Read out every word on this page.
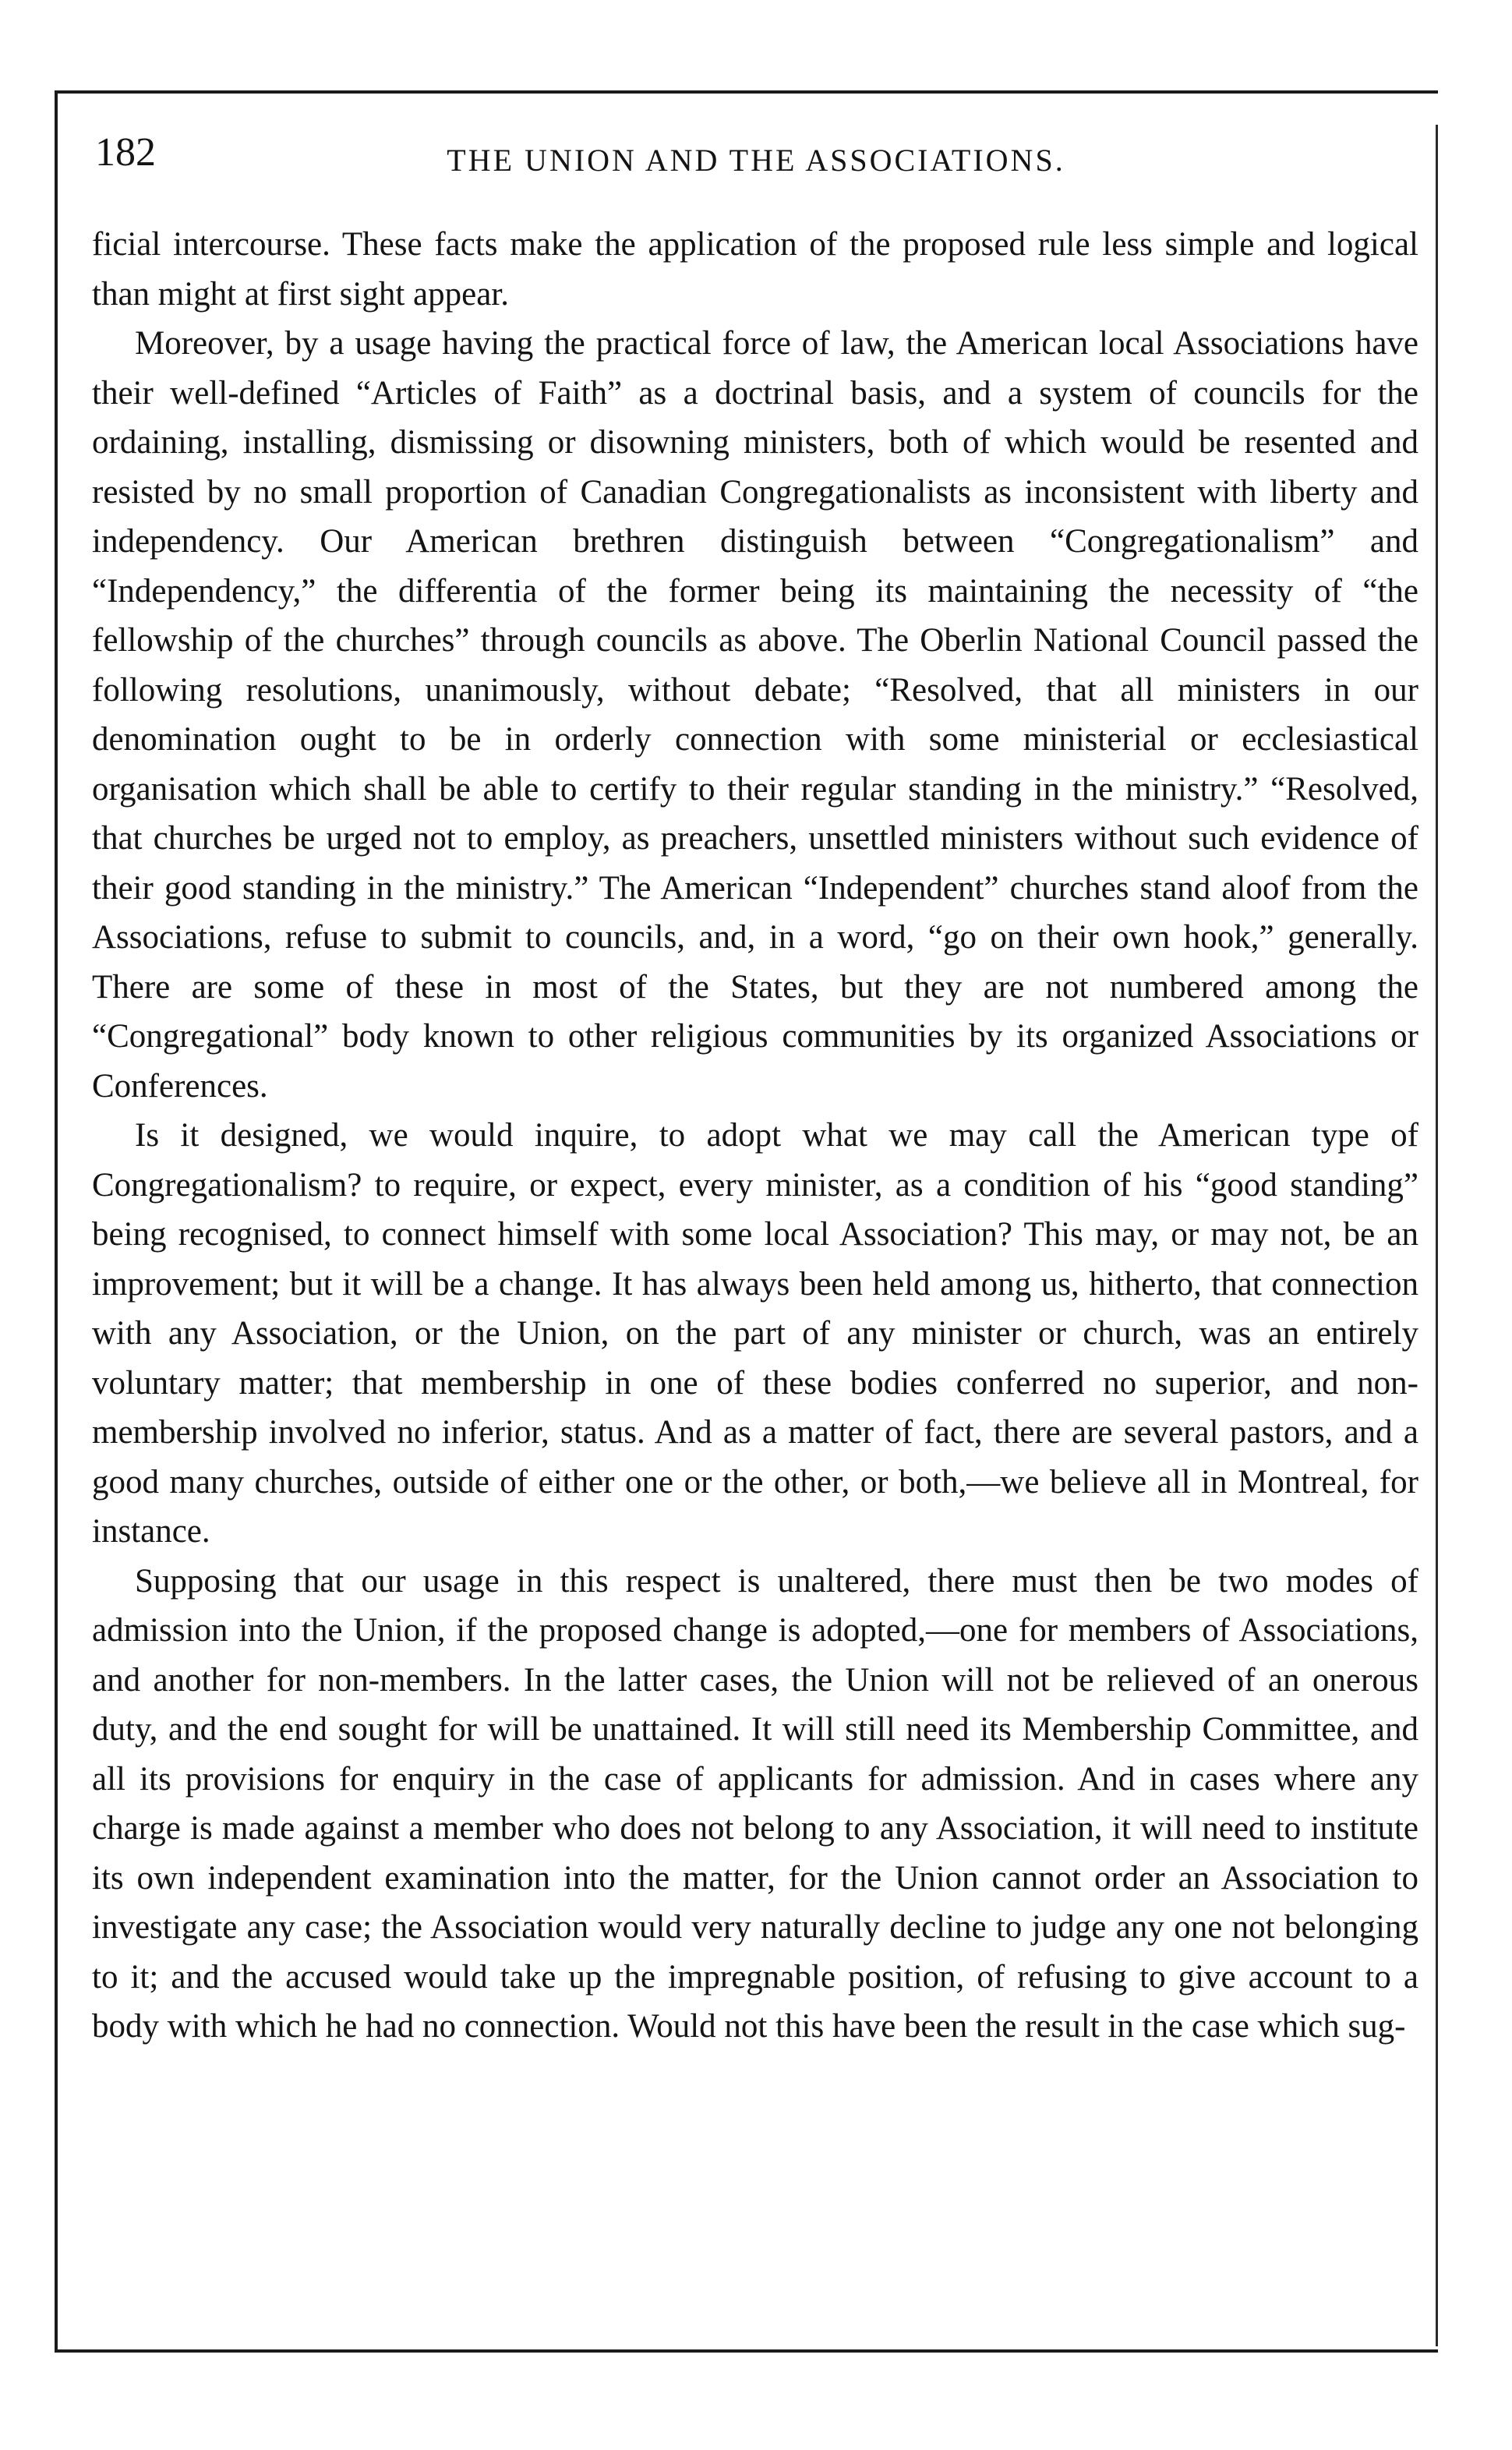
182	THE UNION AND THE ASSOCIATIONS.

ficial intercourse. These facts make the application of the proposed rule less simple and logical than might at first sight appear.

Moreover, by a usage having the practical force of law, the American local Associations have their well-defined “Articles of Faith” as a doctrinal basis, and a system of councils for the ordaining, installing, dismissing or disowning ministers, both of which would be resented and resisted by no small proportion of Canadian Congregationalists as inconsistent with liberty and independency. Our American brethren distinguish between “Congregationalism” and “Independency,” the differentia of the former being its maintaining the necessity of “the fellowship of the churches” through councils as above. The Oberlin National Council passed the following resolutions, unanimously, without debate; “Resolved, that all ministers in our denomination ought to be in orderly connection with some ministerial or ecclesiastical organisation which shall be able to certify to their regular standing in the ministry.” “Resolved, that churches be urged not to employ, as preachers, unsettled ministers without such evidence of their good standing in the ministry.” The American “Independent” churches stand aloof from the Associations, refuse to submit to councils, and, in a word, “go on their own hook,” generally. There are some of these in most of the States, but they are not numbered among the “Congregational” body known to other religious communities by its organized Associations or Conferences.

Is it designed, we would inquire, to adopt what we may call the American type of Congregationalism? to require, or expect, every minister, as a condition of his “good standing” being recognised, to connect himself with some local Association? This may, or may not, be an improvement; but it will be a change. It has always been held among us, hitherto, that connection with any Association, or the Union, on the part of any minister or church, was an entirely voluntary matter; that membership in one of these bodies conferred no superior, and non-membership involved no inferior, status. And as a matter of fact, there are several pastors, and a good many churches, outside of either one or the other, or both,—we believe all in Montreal, for instance.

Supposing that our usage in this respect is unaltered, there must then be two modes of admission into the Union, if the proposed change is adopted,—one for members of Associations, and another for non-members. In the latter cases, the Union will not be relieved of an onerous duty, and the end sought for will be unattained. It will still need its Membership Committee, and all its provisions for enquiry in the case of applicants for admission. And in cases where any charge is made against a member who does not belong to any Association, it will need to institute its own independent examination into the matter, for the Union cannot order an Association to investigate any case; the Association would very naturally decline to judge any one not belonging to it; and the accused would take up the impregnable position, of refusing to give account to a body with which he had no connection. Would not this have been the result in the case which sug-
